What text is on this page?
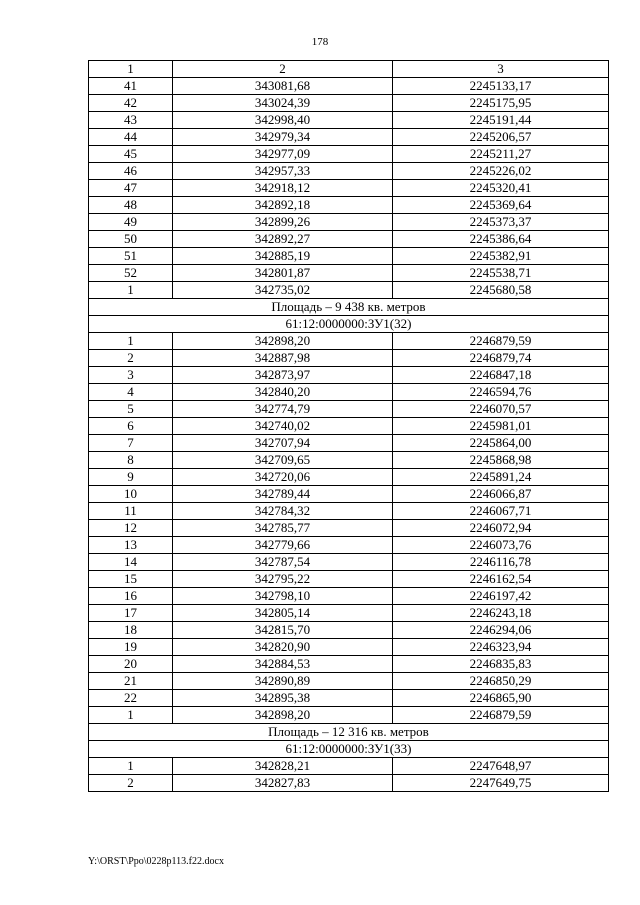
178
1	2	3
41	343081,68	2245133,17
42	343024,39	2245175,95
43	342998,40	2245191,44
44	342979,34	2245206,57
45	342977,09	2245211,27
46	342957,33	2245226,02
47	342918,12	2245320,41
48	342892,18	2245369,64
49	342899,26	2245373,37
50	342892,27	2245386,64
51	342885,19	2245382,91
52	342801,87	2245538,71
1	342735,02	2245680,58
Площадь – 9 438 кв. метров		
61:12:0000000:ЗУ1(32)		
1	342898,20	2246879,59
2	342887,98	2246879,74
3	342873,97	2246847,18
4	342840,20	2246594,76
5	342774,79	2246070,57
6	342740,02	2245981,01
7	342707,94	2245864,00
8	342709,65	2245868,98
9	342720,06	2245891,24
10	342789,44	2246066,87
11	342784,32	2246067,71
12	342785,77	2246072,94
13	342779,66	2246073,76
14	342787,54	2246116,78
15	342795,22	2246162,54
16	342798,10	2246197,42
17	342805,14	2246243,18
18	342815,70	2246294,06
19	342820,90	2246323,94
20	342884,53	2246835,83
21	342890,89	2246850,29
22	342895,38	2246865,90
1	342898,20	2246879,59
Площадь – 12 316 кв. метров		
61:12:0000000:ЗУ1(33)		
1	342828,21	2247648,97
2	342827,83	2247649,75
Y:\ORST\Ppo\0228p113.f22.docx
